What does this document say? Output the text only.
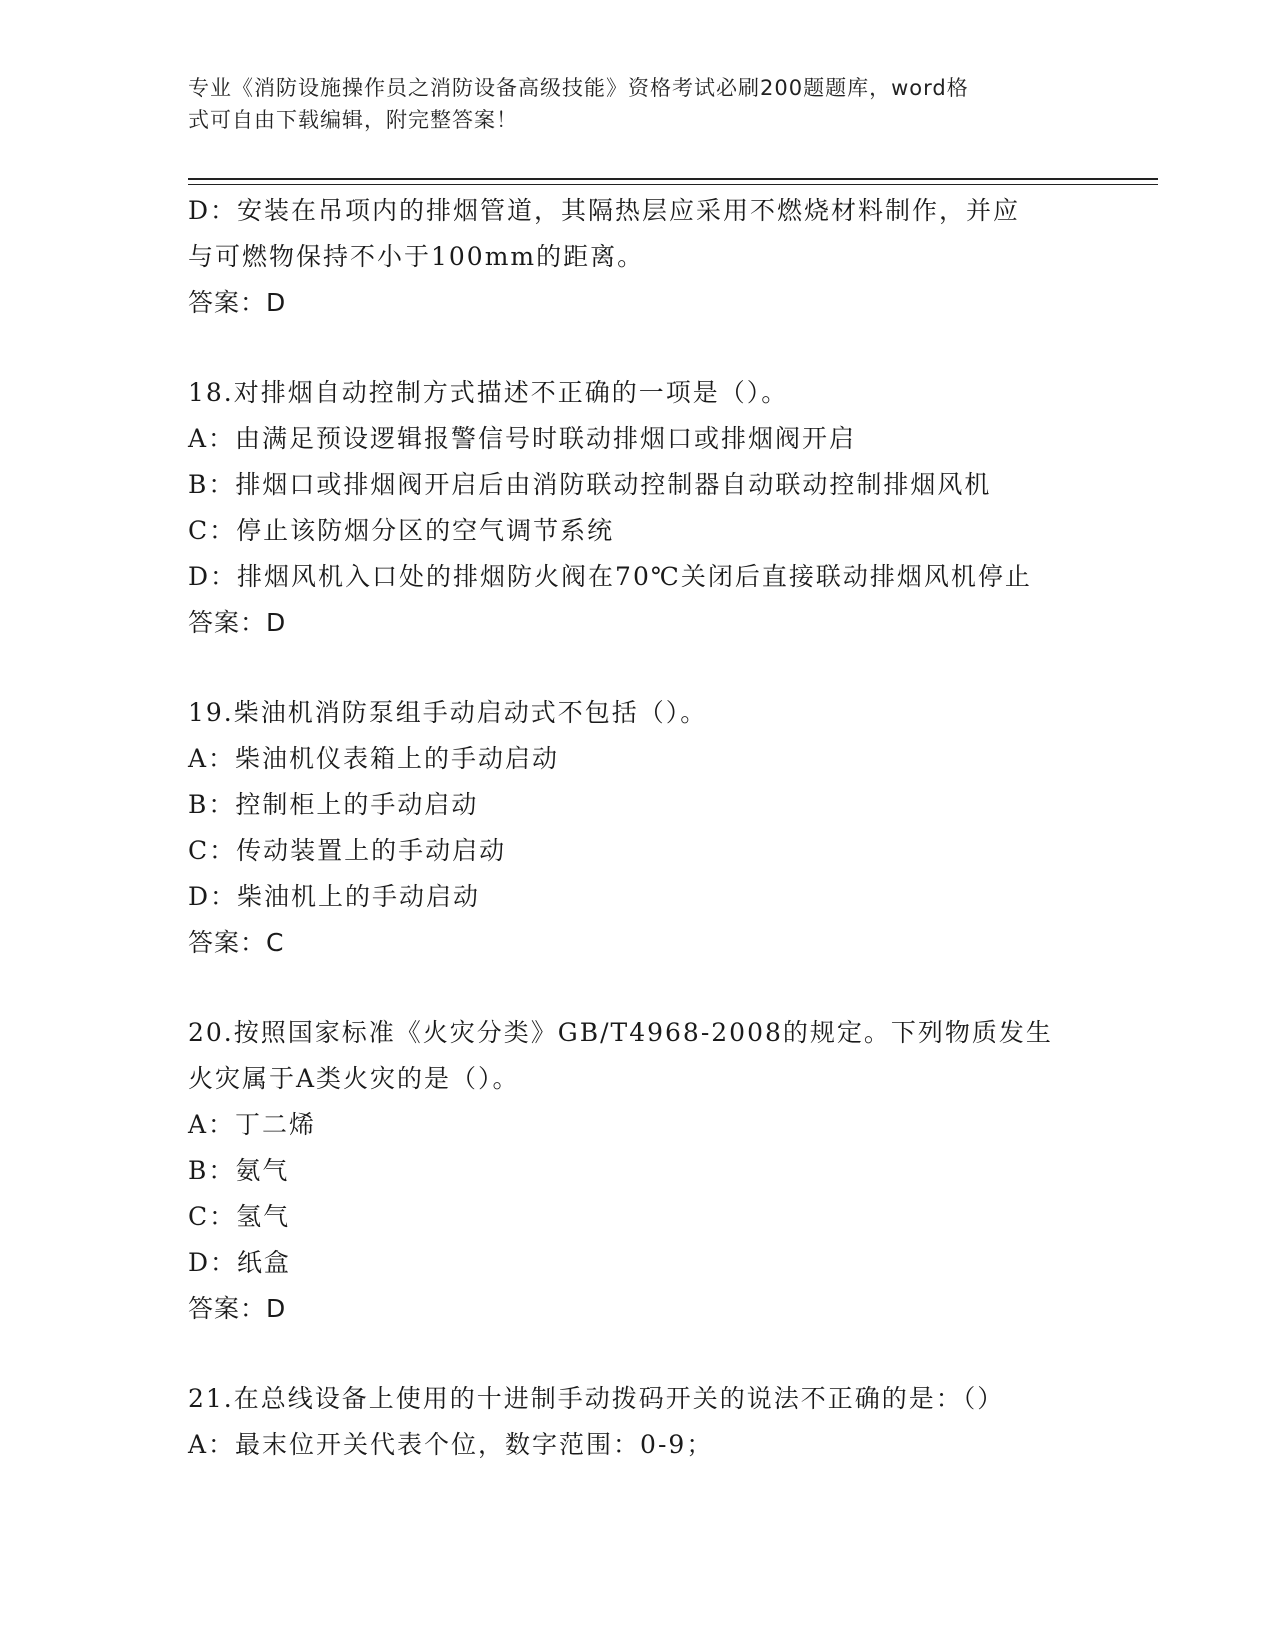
专业《消防设施操作员之消防设备高级技能》资格考试必刷200题题库，word格
式可自由下载编辑，附完整答案！
D：安装在吊项内的排烟管道，其隔热层应采用不燃烧材料制作，并应
与可燃物保持不小于100mm的距离。
答案：D
18.对排烟自动控制方式描述不正确的一项是（）。
A：由满足预设逻辑报警信号时联动排烟口或排烟阀开启
B：排烟口或排烟阀开启后由消防联动控制器自动联动控制排烟风机
C：停止该防烟分区的空气调节系统
D：排烟风机入口处的排烟防火阀在70℃关闭后直接联动排烟风机停止
答案：D
19.柴油机消防泵组手动启动式不包括（）。
A：柴油机仪表箱上的手动启动
B：控制柜上的手动启动
C：传动装置上的手动启动
D：柴油机上的手动启动
答案：C
20.按照国家标准《火灾分类》GB/T4968-2008的规定。下列物质发生
火灾属于A类火灾的是（）。
A：丁二烯
B：氨气
C：氢气
D：纸盒
答案：D
21.在总线设备上使用的十进制手动拨码开关的说法不正确的是：（）
A：最末位开关代表个位，数字范围：0-9；
